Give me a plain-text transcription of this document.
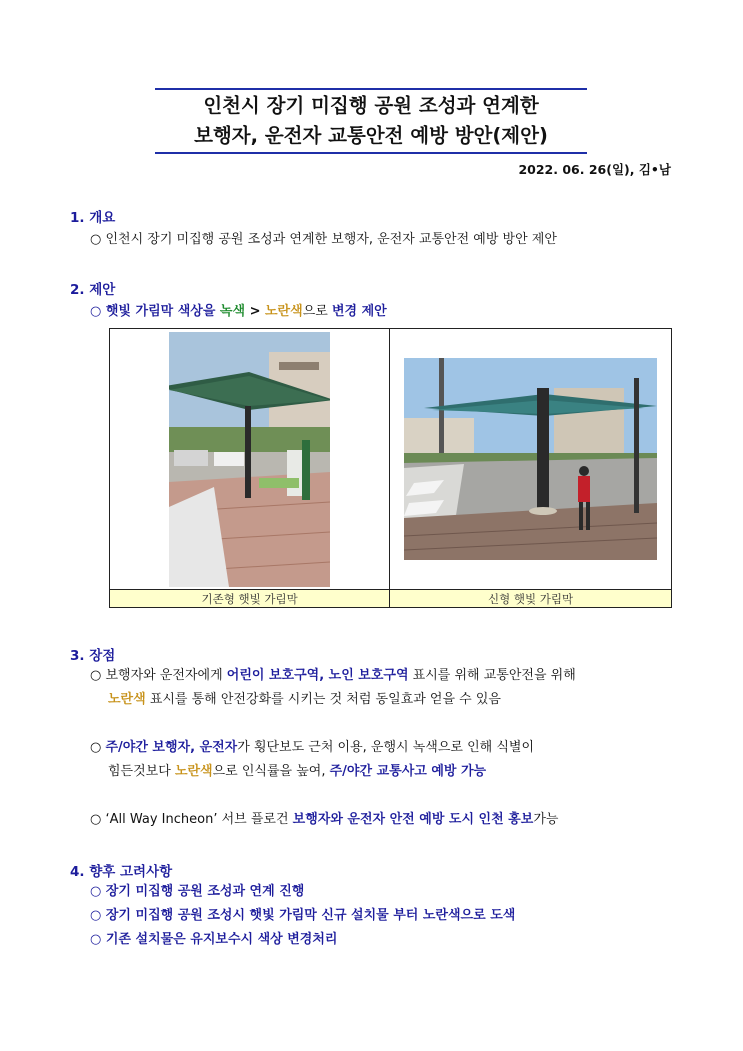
인천시 장기 미집행 공원 조성과 연계한
보행자, 운전자 교통안전 예방 방안(제안)
2022. 06. 26(일), 김•남
1. 개요
○ 인천시 장기 미집행 공원 조성과 연계한 보행자, 운전자 교통안전 예방 방안 제안
2. 제안
○ 햇빛 가림막 색상을 녹색 > 노란색으로 변경 제안

기존형 햇빛 가림막	신형 햇빛 가림막
3. 장점
○ 보행자와 운전자에게 어린이 보호구역, 노인 보호구역 표시를 위해 교통안전을 위해
노란색 표시를 통해 안전강화를 시키는 것 처럼 동일효과 얻을 수 있음
○ 주/야간 보행자, 운전자가 횡단보도 근처 이용, 운행시 녹색으로 인해 식별이
힘든것보다 노란색으로 인식률을 높여, 주/야간 교통사고 예방 가능
○ ‘All Way Incheon’ 서브 플로건 보행자와 운전자 안전 예방 도시 인천 홍보가능
4. 향후 고려사항
○ 장기 미집행 공원 조성과 연계 진행
○ 장기 미집행 공원 조성시 햇빛 가림막 신규 설치물 부터 노란색으로 도색
○ 기존 설치물은 유지보수시 색상 변경처리
